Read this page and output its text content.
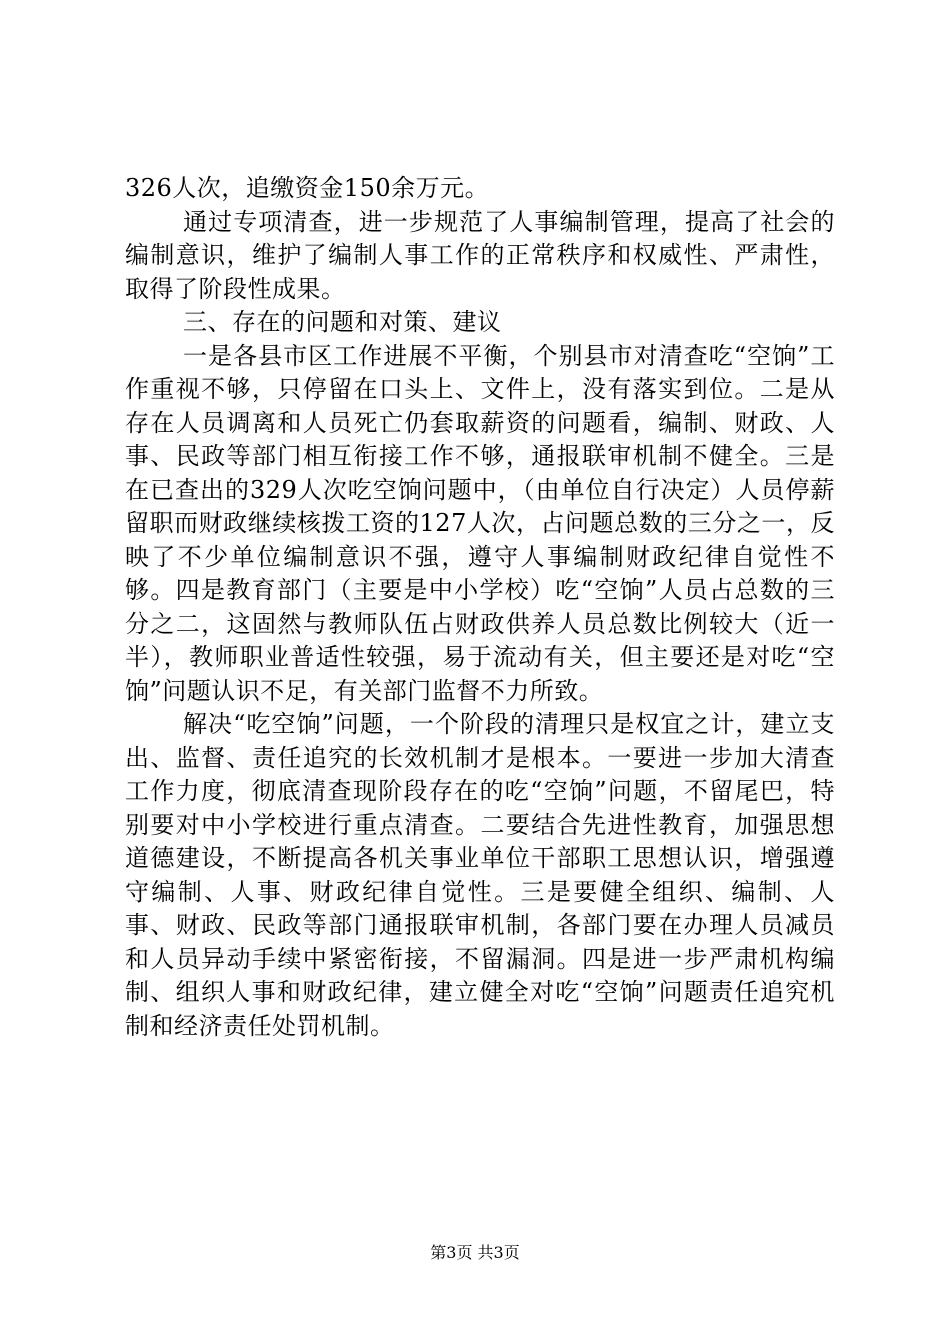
326人次，追缴资金150余万元。

通过专项清查，进一步规范了人事编制管理，提高了社会的编制意识，维护了编制人事工作的正常秩序和权威性、严肃性，取得了阶段性成果。

三、存在的问题和对策、建议

一是各县市区工作进展不平衡，个别县市对清查吃“空饷”工作重视不够，只停留在口头上、文件上，没有落实到位。二是从存在人员调离和人员死亡仍套取薪资的问题看，编制、财政、人事、民政等部门相互衔接工作不够，通报联审机制不健全。三是在已查出的329人次吃空饷问题中，（由单位自行决定）人员停薪留职而财政继续核拨工资的127人次，占问题总数的三分之一，反映了不少单位编制意识不强，遵守人事编制财政纪律自觉性不够。四是教育部门（主要是中小学校）吃“空饷”人员占总数的三分之二，这固然与教师队伍占财政供养人员总数比例较大（近一半），教师职业普适性较强，易于流动有关，但主要还是对吃“空饷”问题认识不足，有关部门监督不力所致。

解决“吃空饷”问题，一个阶段的清理只是权宜之计，建立支出、监督、责任追究的长效机制才是根本。一要进一步加大清查工作力度，彻底清查现阶段存在的吃“空饷”问题，不留尾巴，特别要对中小学校进行重点清查。二要结合先进性教育，加强思想道德建设，不断提高各机关事业单位干部职工思想认识，增强遵守编制、人事、财政纪律自觉性。三是要健全组织、编制、人事、财政、民政等部门通报联审机制，各部门要在办理人员减员和人员异动手续中紧密衔接，不留漏洞。四是进一步严肃机构编制、组织人事和财政纪律，建立健全对吃“空饷”问题责任追究机制和经济责任处罚机制。

第3页 共3页
